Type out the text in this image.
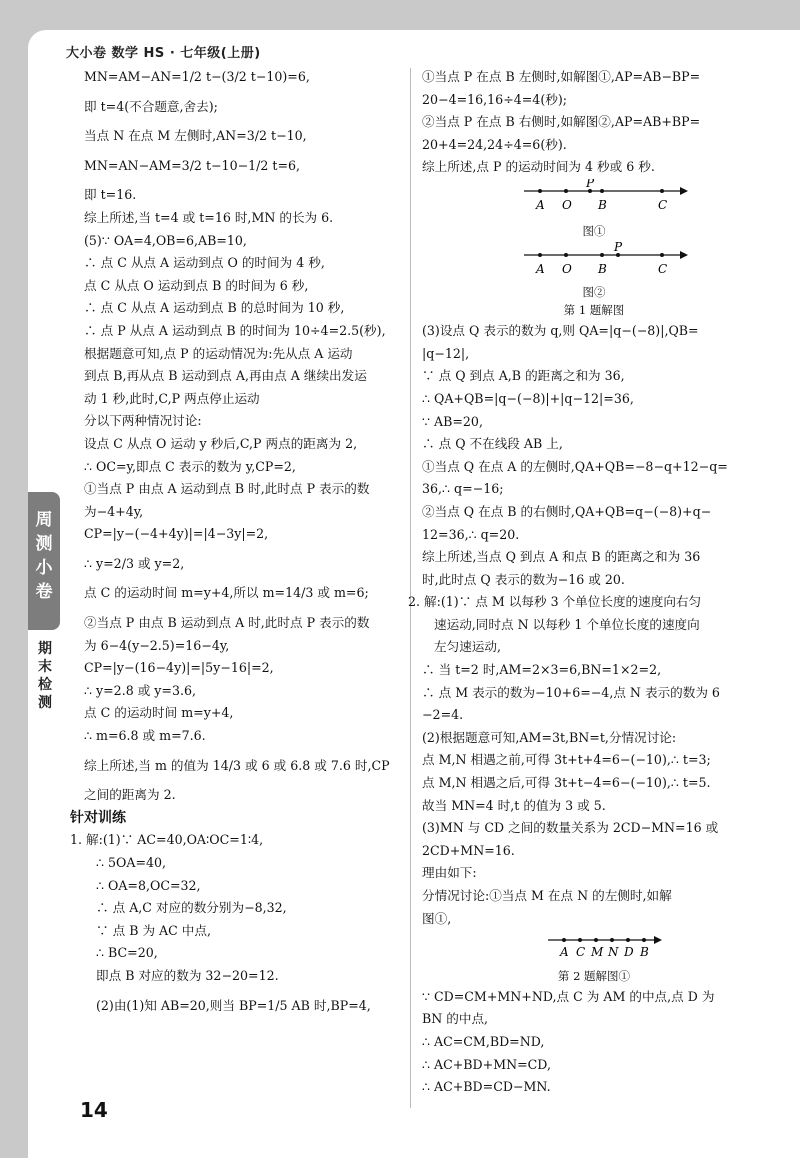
大小卷 数学 HS · 七年级(上册)
周测小卷
期末检测

MN=AM−AN=1/2 t−(3/2 t−10)=6,

即 t=4(不合题意,舍去);

当点 N 在点 M 左侧时,AN=3/2 t−10,

MN=AN−AM=3/2 t−10−1/2 t=6,

即 t=16.

综上所述,当 t=4 或 t=16 时,MN 的长为 6.

(5)∵ OA=4,OB=6,AB=10,

∴ 点 C 从点 A 运动到点 O 的时间为 4 秒,

点 C 从点 O 运动到点 B 的时间为 6 秒,

∴ 点 C 从点 A 运动到点 B 的总时间为 10 秒,

∴ 点 P 从点 A 运动到点 B 的时间为 10÷4=2.5(秒),

根据题意可知,点 P 的运动情况为:先从点 A 运动

到点 B,再从点 B 运动到点 A,再由点 A 继续出发运

动 1 秒,此时,C,P 两点停止运动

分以下两种情况讨论:

设点 C 从点 O 运动 y 秒后,C,P 两点的距离为 2,

∴ OC=y,即点 C 表示的数为 y,CP=2,

①当点 P 由点 A 运动到点 B 时,此时点 P 表示的数

为−4+4y,

CP=|y−(−4+4y)|=|4−3y|=2,

∴ y=2/3 或 y=2,

点 C 的运动时间 m=y+4,所以 m=14/3 或 m=6;

②当点 P 由点 B 运动到点 A 时,此时点 P 表示的数

为 6−4(y−2.5)=16−4y,

CP=|y−(16−4y)|=|5y−16|=2,

∴ y=2.8 或 y=3.6,

点 C 的运动时间 m=y+4,

∴ m=6.8 或 m=7.6.

综上所述,当 m 的值为 14/3 或 6 或 6.8 或 7.6 时,CP

之间的距离为 2.

针对训练

1. 解:(1)∵ AC=40,OA∶OC=1∶4,

∴ 5OA=40,

∴ OA=8,OC=32,

∴ 点 A,C 对应的数分别为−8,32,

∵ 点 B 为 AC 中点,

∴ BC=20,

即点 B 对应的数为 32−20=12.

(2)由(1)知 AB=20,则当 BP=1/5 AB 时,BP=4,

①当点 P 在点 B 左侧时,如解图①,AP=AB−BP=

20−4=16,16÷4=4(秒);

②当点 P 在点 B 右侧时,如解图②,AP=AB+BP=

20+4=24,24÷4=6(秒).

综上所述,点 P 的运动时间为 4 秒或 6 秒.

A O B	C
P

图①

A O B	C
P

图②

第 1 题解图

(3)设点 Q 表示的数为 q,则 QA=|q−(−8)|,QB=

|q−12|,

∵ 点 Q 到点 A,B 的距离之和为 36,

∴ QA+QB=|q−(−8)|+|q−12|=36,

∵ AB=20,

∴ 点 Q 不在线段 AB 上,

①当点 Q 在点 A 的左侧时,QA+QB=−8−q+12−q=

36,∴ q=−16;

②当点 Q 在点 B 的右侧时,QA+QB=q−(−8)+q−

12=36,∴ q=20.

综上所述,当点 Q 到点 A 和点 B 的距离之和为 36

时,此时点 Q 表示的数为−16 或 20.

2. 解:(1)∵ 点 M 以每秒 3 个单位长度的速度向右匀

速运动,同时点 N 以每秒 1 个单位长度的速度向

左匀速运动,

∴ 当 t=2 时,AM=2×3=6,BN=1×2=2,

∴ 点 M 表示的数为−10+6=−4,点 N 表示的数为 6

−2=4.

(2)根据题意可知,AM=3t,BN=t,分情况讨论:

点 M,N 相遇之前,可得 3t+t+4=6−(−10),∴ t=3;

点 M,N 相遇之后,可得 3t+t−4=6−(−10),∴ t=5.

故当 MN=4 时,t 的值为 3 或 5.

(3)MN 与 CD 之间的数量关系为 2CD−MN=16 或

2CD+MN=16.

理由如下:

分情况讨论:①当点 M 在点 N 的左侧时,如解

图①,

A C M N D B

第 2 题解图①

∵ CD=CM+MN+ND,点 C 为 AM 的中点,点 D 为

BN 的中点,

∴ AC=CM,BD=ND,

∴ AC+BD+MN=CD,

∴ AC+BD=CD−MN.

14
